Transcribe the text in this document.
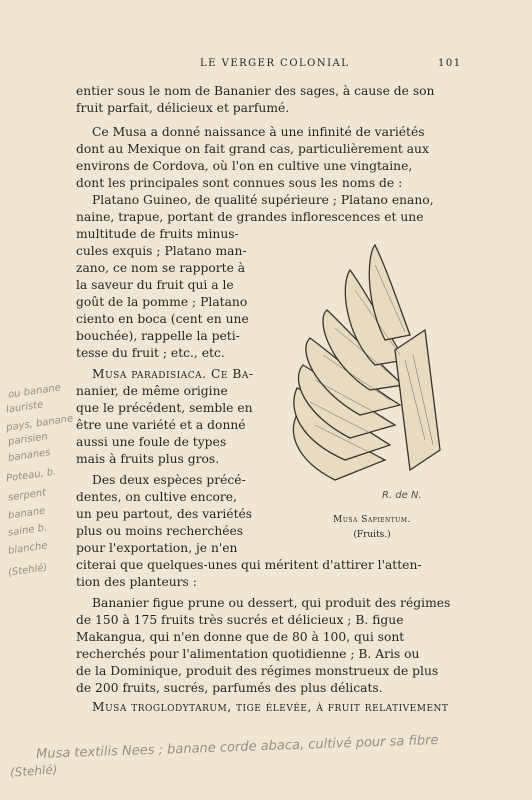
LE VERGER COLONIAL	101
entier sous le nom de Bananier des sages, à cause de son
fruit parfait, délicieux et parfumé.
Ce Musa a donné naissance à une infinité de variétés
dont au Mexique on fait grand cas, particulièrement aux
environs de Cordova, où l'on en cultive une vingtaine,
dont les principales sont connues sous les noms de :
Platano Guineo, de qualité supérieure ; Platano enano,
naine, trapue, portant de grandes inflorescences et une
multitude de fruits minus-
cules exquis ; Platano man-
zano, ce nom se rapporte à
la saveur du fruit qui a le
goût de la pomme ; Platano
ciento en boca (cent en une
bouchée), rappelle la peti-
tesse du fruit ; etc., etc.
Musa paradisiaca. Ce Ba-
nanier, de même origine
que le précédent, semble en
être une variété et a donné
aussi une foule de types
mais à fruits plus gros.
Des deux espèces précé-
dentes, on cultive encore,
un peu partout, des variétés
plus ou moins recherchées
pour l'exportation, je n'en
citerai que quelques-unes qui méritent d'attirer l'atten-
tion des planteurs :
Bananier figue prune ou dessert, qui produit des régimes
de 150 à 175 fruits très sucrés et délicieux ; B. figue
Makangua, qui n'en donne que de 80 à 100, qui sont
recherchés pour l'alimentation quotidienne ; B. Aris ou
de la Dominique, produit des régimes monstrueux de plus
de 200 fruits, sucrés, parfumés des plus délicats.
Musa troglodytarum, tige élevée, à fruit relativement
R. de N.
Musa Sapientum.
(Fruits.)
ou banane
lauriste
pays, banane
parisien
bananes
Poteau, b.
serpent
banane
saine b.
blanche
(Stehlé)
Musa textilis Nees ; banane corde abaca, cultivé pour sa fibre
(Stehlé)
